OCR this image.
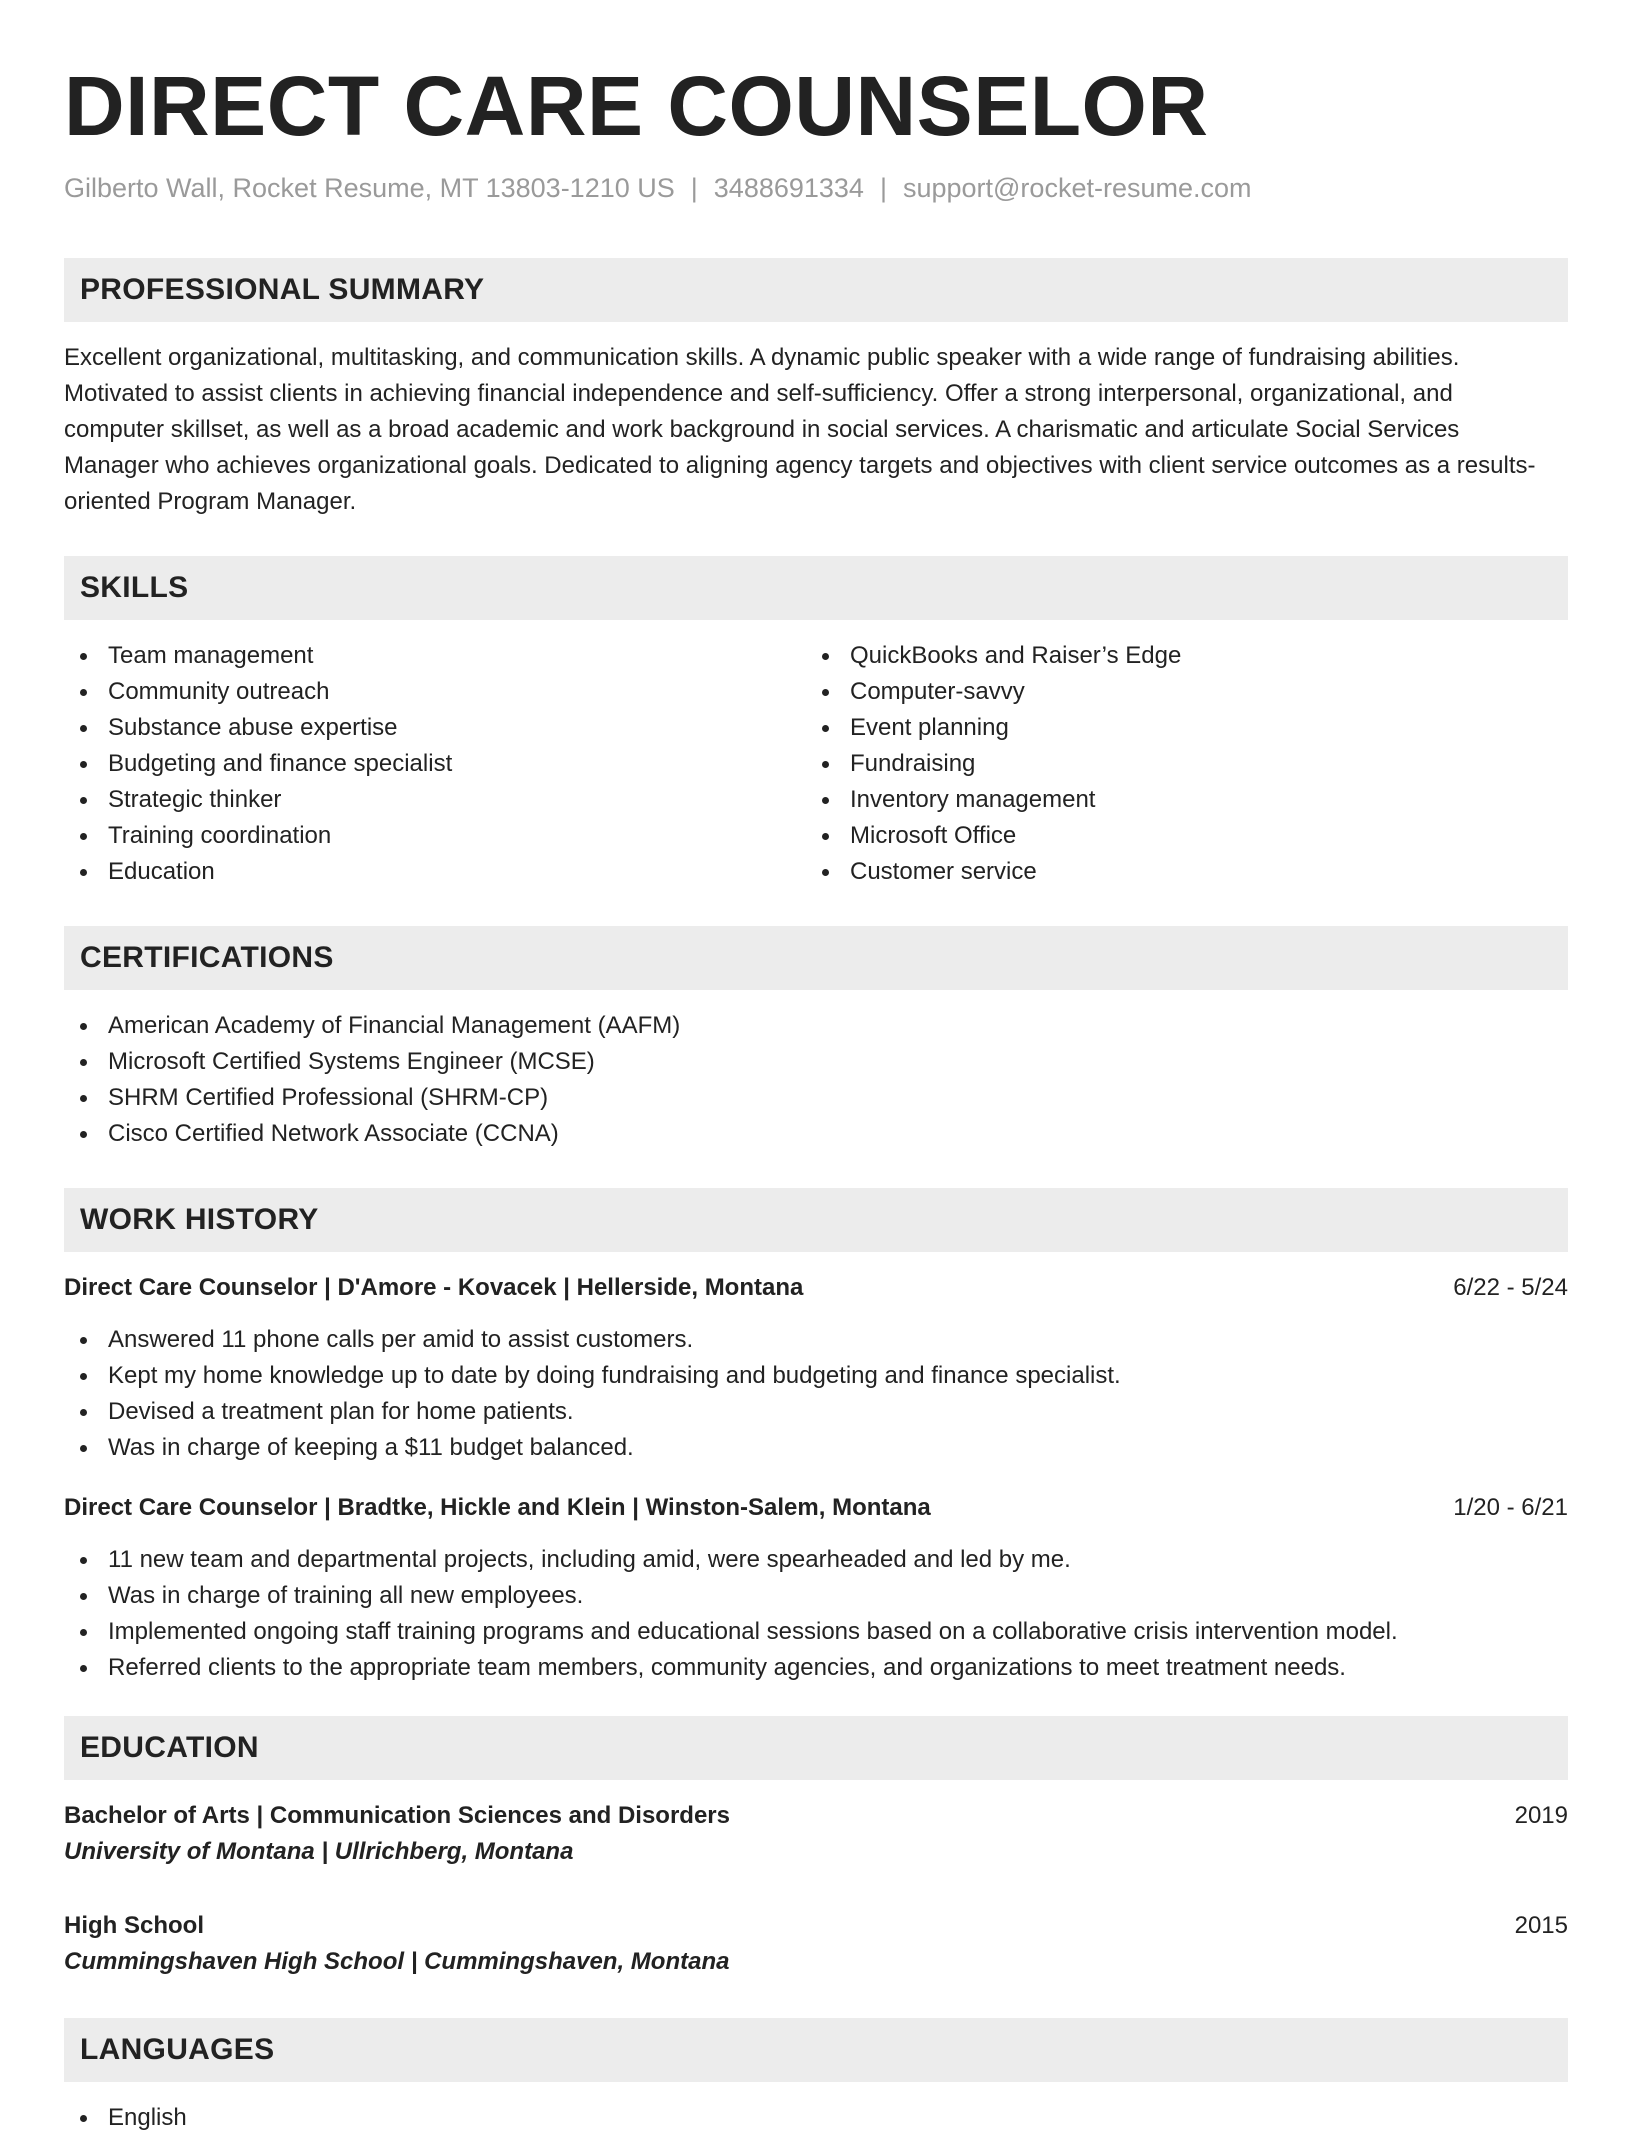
DIRECT CARE COUNSELOR
Gilberto Wall, Rocket Resume, MT 13803-1210 US | 3488691334 | support@rocket-resume.com
PROFESSIONAL SUMMARY

Excellent organizational, multitasking, and communication skills. A dynamic public speaker with a wide range of fundraising abilities. Motivated to assist clients in achieving financial independence and self-sufficiency. Offer a strong interpersonal, organizational, and computer skillset, as well as a broad academic and work background in social services. A charismatic and articulate Social Services Manager who achieves organizational goals. Dedicated to aligning agency targets and objectives with client service outcomes as a results-oriented Program Manager.

SKILLS
Team management
Community outreach
Substance abuse expertise
Budgeting and finance specialist
Strategic thinker
Training coordination
Education
QuickBooks and Raiser’s Edge
Computer-savvy
Event planning
Fundraising
Inventory management
Microsoft Office
Customer service
CERTIFICATIONS
American Academy of Financial Management (AAFM)
Microsoft Certified Systems Engineer (MCSE)
SHRM Certified Professional (SHRM-CP)
Cisco Certified Network Associate (CCNA)
WORK HISTORY
Direct Care Counselor | D'Amore - Kovacek | Hellerside, Montana	6/22 - 5/24
Answered 11 phone calls per amid to assist customers.
Kept my home knowledge up to date by doing fundraising and budgeting and finance specialist.
Devised a treatment plan for home patients.
Was in charge of keeping a $11 budget balanced.
Direct Care Counselor | Bradtke, Hickle and Klein | Winston-Salem, Montana	1/20 - 6/21
11 new team and departmental projects, including amid, were spearheaded and led by me.
Was in charge of training all new employees.
Implemented ongoing staff training programs and educational sessions based on a collaborative crisis intervention model.
Referred clients to the appropriate team members, community agencies, and organizations to meet treatment needs.
EDUCATION
Bachelor of Arts | Communication Sciences and Disorders	2019
University of Montana | Ullrichberg, Montana
High School	2015
Cummingshaven High School | Cummingshaven, Montana
LANGUAGES
English
